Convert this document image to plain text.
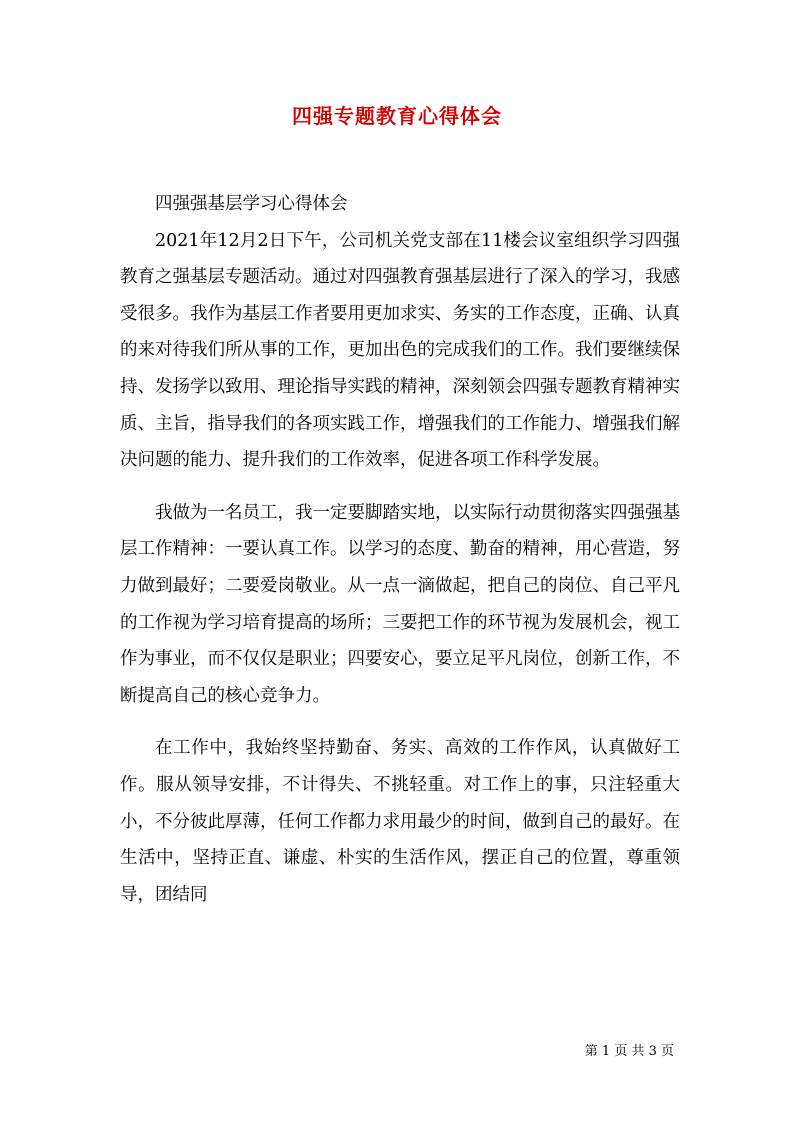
四强专题教育心得体会

四强强基层学习心得体会

2021年12月2日下午，公司机关党支部在11楼会议室组织学习四强教育之强基层专题活动。通过对四强教育强基层进行了深入的学习，我感受很多。我作为基层工作者要用更加求实、务实的工作态度，正确、认真的来对待我们所从事的工作，更加出色的完成我们的工作。我们要继续保持、发扬学以致用、理论指导实践的精神，深刻领会四强专题教育精神实质、主旨，指导我们的各项实践工作，增强我们的工作能力、增强我们解决问题的能力、提升我们的工作效率，促进各项工作科学发展。

我做为一名员工，我一定要脚踏实地，以实际行动贯彻落实四强强基层工作精神：一要认真工作。以学习的态度、勤奋的精神，用心营造，努力做到最好；二要爱岗敬业。从一点一滴做起，把自己的岗位、自己平凡的工作视为学习培育提高的场所；三要把工作的环节视为发展机会，视工作为事业，而不仅仅是职业；四要安心，要立足平凡岗位，创新工作，不断提高自己的核心竞争力。

在工作中，我始终坚持勤奋、务实、高效的工作作风，认真做好工作。服从领导安排，不计得失、不挑轻重。对工作上的事，只注轻重大小，不分彼此厚薄，任何工作都力求用最少的时间，做到自己的最好。在生活中，坚持正直、谦虚、朴实的生活作风，摆正自己的位置，尊重领导，团结同

第 1 页 共 3 页
